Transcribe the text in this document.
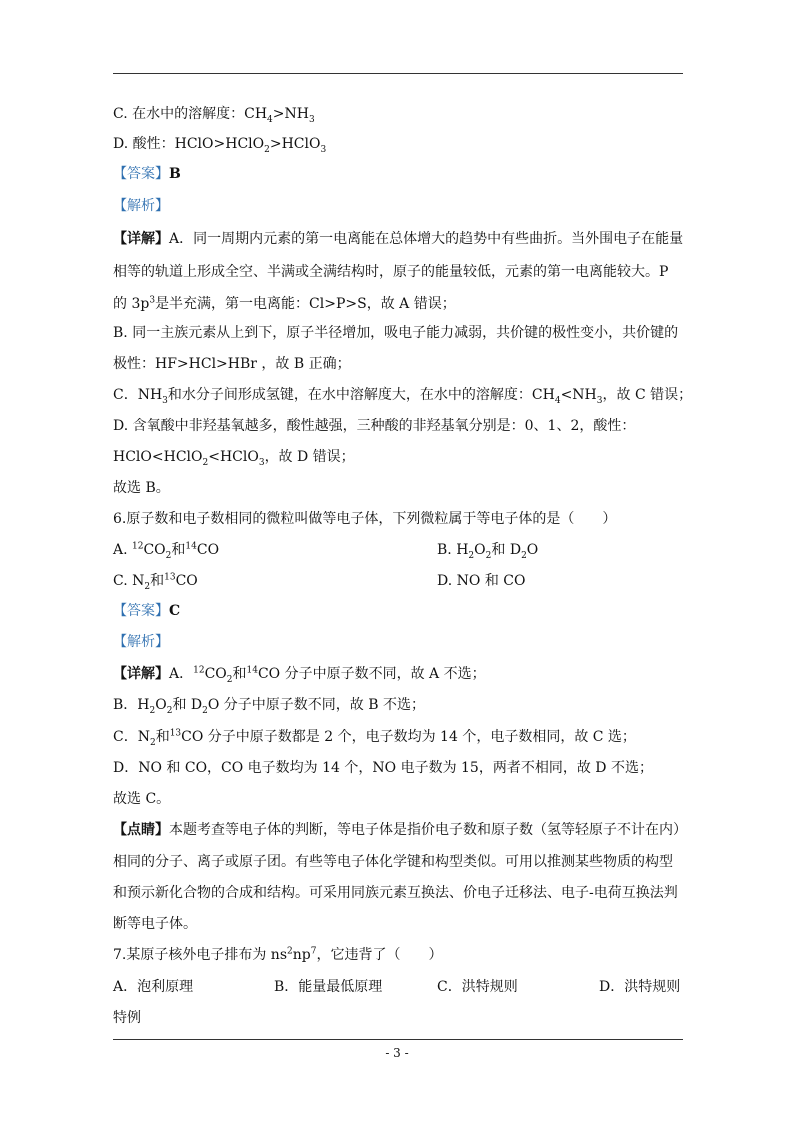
C. 在水中的溶解度：$CH_4>NH_3$
D. 酸性：HClO>HClO$_2$>HClO$_3$
【答案】B
【解析】
【详解】A．同一周期内元素的第一电离能在总体增大的趋势中有些曲折。当外围电子在能量
相等的轨道上形成全空、半满或全满结构时，原子的能量较低，元素的第一电离能较大。P
的 $3p^3$是半充满，第一电离能：Cl>P>S，故 A 错误；
B. 同一主族元素从上到下，原子半径增加，吸电子能力减弱，共价键的极性变小，共价键的
极性：HF>HCl>HBr ，故 B 正确；
C．$NH_3$和水分子间形成氢键，在水中溶解度大，在水中的溶解度：$CH_4<NH_3$，故 C 错误；
D. 含氧酸中非羟基氧越多，酸性越强，三种酸的非羟基氧分别是：0、1、2，酸性：
HClO<HClO$_2$<HClO$_3$，故 D 错误；
故选 B。
6.原子数和电子数相同的微粒叫做等电子体，下列微粒属于等电子体的是（　　）
A. $^{12}CO_2$和$^{14}$CO	B. $H_2O_2$和 $D_2O$
C. $N_2$和$^{13}$CO	D. NO 和 CO
【答案】C
【解析】
【详解】A．$^{12}CO_2$和$^{14}$CO 分子中原子数不同，故 A 不选；
B．$H_2O_2$和 $D_2O$ 分子中原子数不同，故 B 不选；
C．$N_2$和$^{13}$CO 分子中原子数都是 2 个，电子数均为 14 个，电子数相同，故 C 选；
D．NO 和 CO，CO 电子数均为 14 个，NO 电子数为 15，两者不相同，故 D 不选；
故选 C。
【点睛】本题考查等电子体的判断，等电子体是指价电子数和原子数（氢等轻原子不计在内）
相同的分子、离子或原子团。有些等电子体化学键和构型类似。可用以推测某些物质的构型
和预示新化合物的合成和结构。可采用同族元素互换法、价电子迁移法、电子-电荷互换法判
断等电子体。
7.某原子核外电子排布为 $ns^2np^7$，它违背了（　　）
A．泡利原理	B．能量最低原理	C．洪特规则	D．洪特规则
特例
- 3 -
